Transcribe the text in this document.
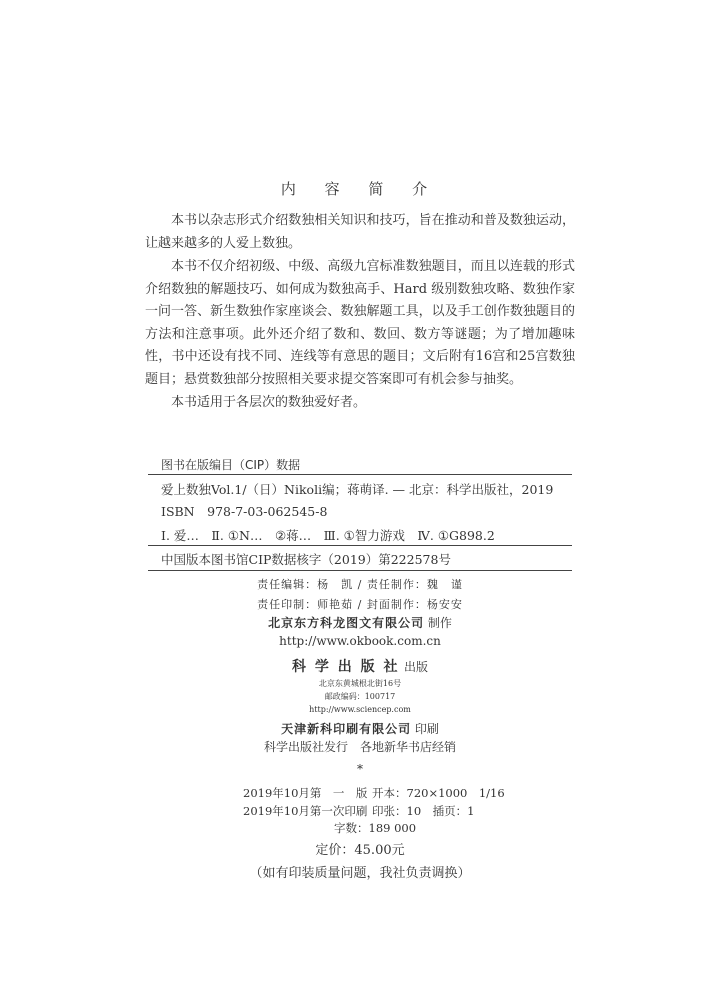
内 容 简 介
本书以杂志形式介绍数独相关知识和技巧，旨在推动和普及数独运动，让越来越多的人爱上数独。
本书不仅介绍初级、中级、高级九宫标准数独题目，而且以连载的形式介绍数独的解题技巧、如何成为数独高手、Hard 级别数独攻略、数独作家一问一答、新生数独作家座谈会、数独解题工具，以及手工创作数独题目的方法和注意事项。此外还介绍了数和、数回、数方等谜题；为了增加趣味性，书中还设有找不同、连线等有意思的题目；文后附有16宫和25宫数独题目；悬赏数独部分按照相关要求提交答案即可有机会参与抽奖。
本书适用于各层次的数独爱好者。
图书在版编目（CIP）数据
爱上数独Vol.1/（日）Nikoli编；蒋萌译. — 北京：科学出版社，2019
ISBN　978-7-03-062545-8
Ⅰ. 爱…　Ⅱ. ①N…　②蒋…　Ⅲ. ①智力游戏　Ⅳ. ①G898.2
中国版本图书馆CIP数据核字（2019）第222578号
责任编辑：杨　凯 / 责任制作：魏　谨
责任印制：师艳茹 / 封面制作：杨安安
北京东方科龙图文有限公司 制作
http://www.okbook.com.cn
科 学 出 版 社 出版
北京东黄城根北街16号
邮政编码：100717
http://www.sciencep.com
天津新科印刷有限公司 印刷
科学出版社发行　各地新华书店经销
*
2019年10月第　一　版 开本：720×1000　1/16
2019年10月第一次印刷 印张：10　插页：1
字数：189 000
定价：45.00元
（如有印装质量问题，我社负责调换）
